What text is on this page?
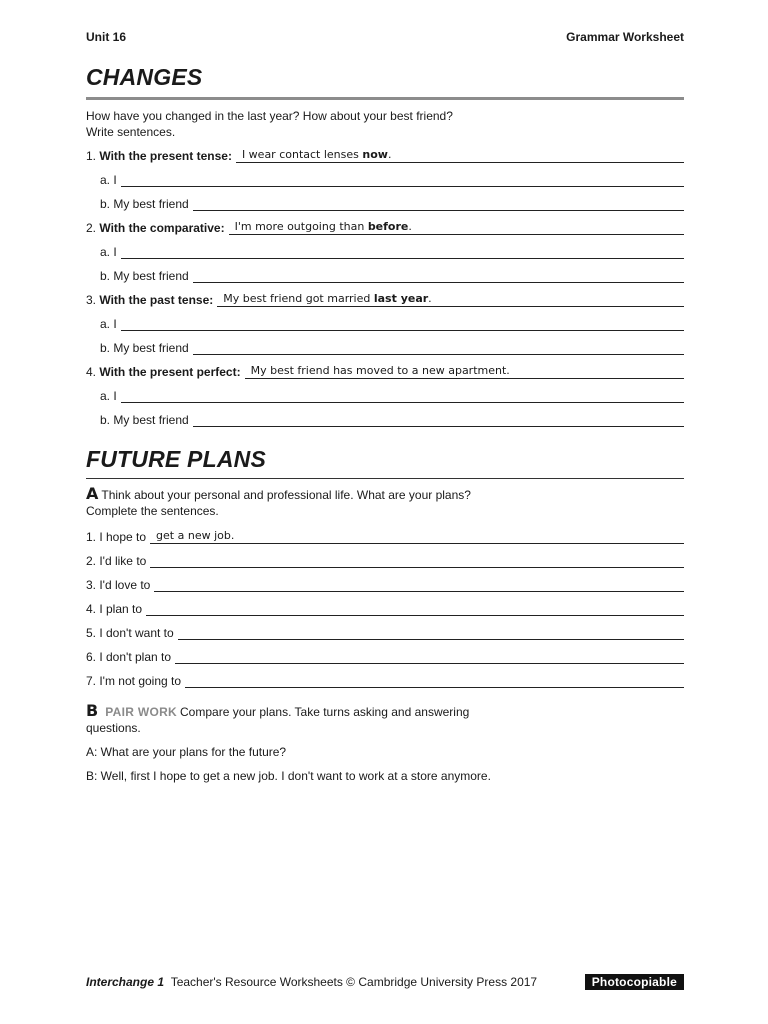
Unit 16	Grammar Worksheet
CHANGES
How have you changed in the last year? How about your best friend?
Write sentences.
1. With the present tense: I wear contact lenses now.
a. I
b. My best friend
2. With the comparative: I'm more outgoing than before.
a. I
b. My best friend
3. With the past tense: My best friend got married last year.
a. I
b. My best friend
4. With the present perfect: My best friend has moved to a new apartment.
a. I
b. My best friend
FUTURE PLANS
A Think about your personal and professional life. What are your plans?
Complete the sentences.
1. I hope to get a new job.
2. I'd like to
3. I'd love to
4. I plan to
5. I don't want to
6. I don't plan to
7. I'm not going to
B PAIR WORK Compare your plans. Take turns asking and answering
questions.
A: What are your plans for the future?
B: Well, first I hope to get a new job. I don't want to work at a store anymore.
Interchange 1 Teacher's Resource Worksheets © Cambridge University Press 2017	Photocopiable
